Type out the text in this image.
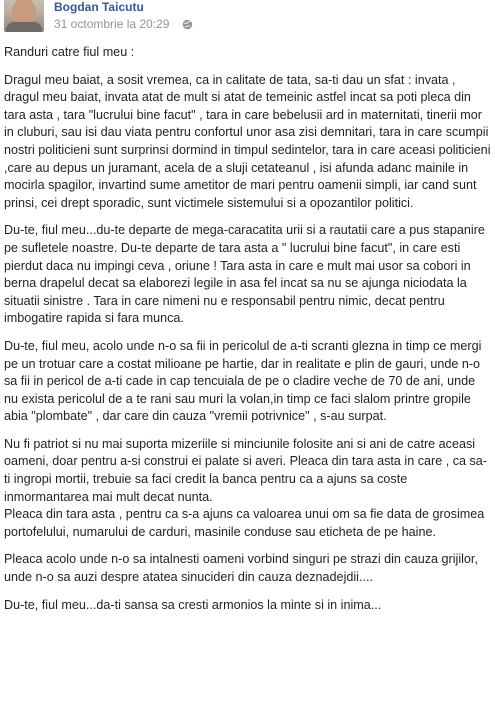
Bogdan Taicutu
31 octombrie la 20:29

Randuri catre fiul meu :

Dragul meu baiat, a sosit vremea, ca in calitate de tata, sa-ti dau un sfat : invata , dragul meu baiat, invata atat de mult si atat de temeinic astfel incat sa poti pleca din tara asta , tara "lucrului bine facut" , tara in care bebelusii ard in maternitati, tinerii mor in cluburi, sau isi dau viata pentru confortul unor asa zisi demnitari, tara in care scumpii nostri politicieni sunt surprinsi dormind in timpul sedintelor, tara in care aceasi politicieni ,care au depus un juramant, acela de a sluji cetateanul , isi afunda adanc mainile in mocirla spagilor, invartind sume ametitor de mari pentru oamenii simpli, iar cand sunt prinsi, cei drept sporadic, sunt victimele sistemului si a opozantilor politici.

Du-te, fiul meu...du-te departe de mega-caracatita urii si a rautatii care a pus stapanire pe sufletele noastre. Du-te departe de tara asta a " lucrului bine facut", in care esti pierdut daca nu impingi ceva , oriune ! Tara asta in care e mult mai usor sa cobori in berna drapelul decat sa elaborezi legile in asa fel incat sa nu se ajunga niciodata la situatii sinistre . Tara in care nimeni nu e responsabil pentru nimic, decat pentru imbogatire rapida si fara munca.

Du-te, fiul meu, acolo unde n-o sa fii in pericolul de a-ti scranti glezna in timp ce mergi pe un trotuar care a costat milioane pe hartie, dar in realitate e plin de gauri, unde n-o sa fii in pericol de a-ti cade in cap tencuiala de pe o cladire veche de 70 de ani, unde nu exista pericolul de a te rani sau muri la volan,in timp ce faci slalom printre gropile abia "plombate" , dar care din cauza "vremii potrivnice" , s-au surpat.

Nu fi patriot si nu mai suporta mizeriile si minciunile folosite ani si ani de catre aceasi oameni, doar pentru a-si construi ei palate si averi. Pleaca din tara asta in care , ca sa-ti ingropi mortii, trebuie sa faci credit la banca pentru ca a ajuns sa coste inmormantarea mai mult decat nunta.

Pleaca din tara asta , pentru ca s-a ajuns ca valoarea unui om sa fie data de grosimea portofelului, numarului de carduri, masinile conduse sau eticheta de pe haine.

Pleaca acolo unde n-o sa intalnesti oameni vorbind singuri pe strazi din cauza grijilor, unde n-o sa auzi despre atatea sinucideri din cauza deznadejdii....

Du-te, fiul meu...da-ti sansa sa cresti armonios la minte si in inima...
